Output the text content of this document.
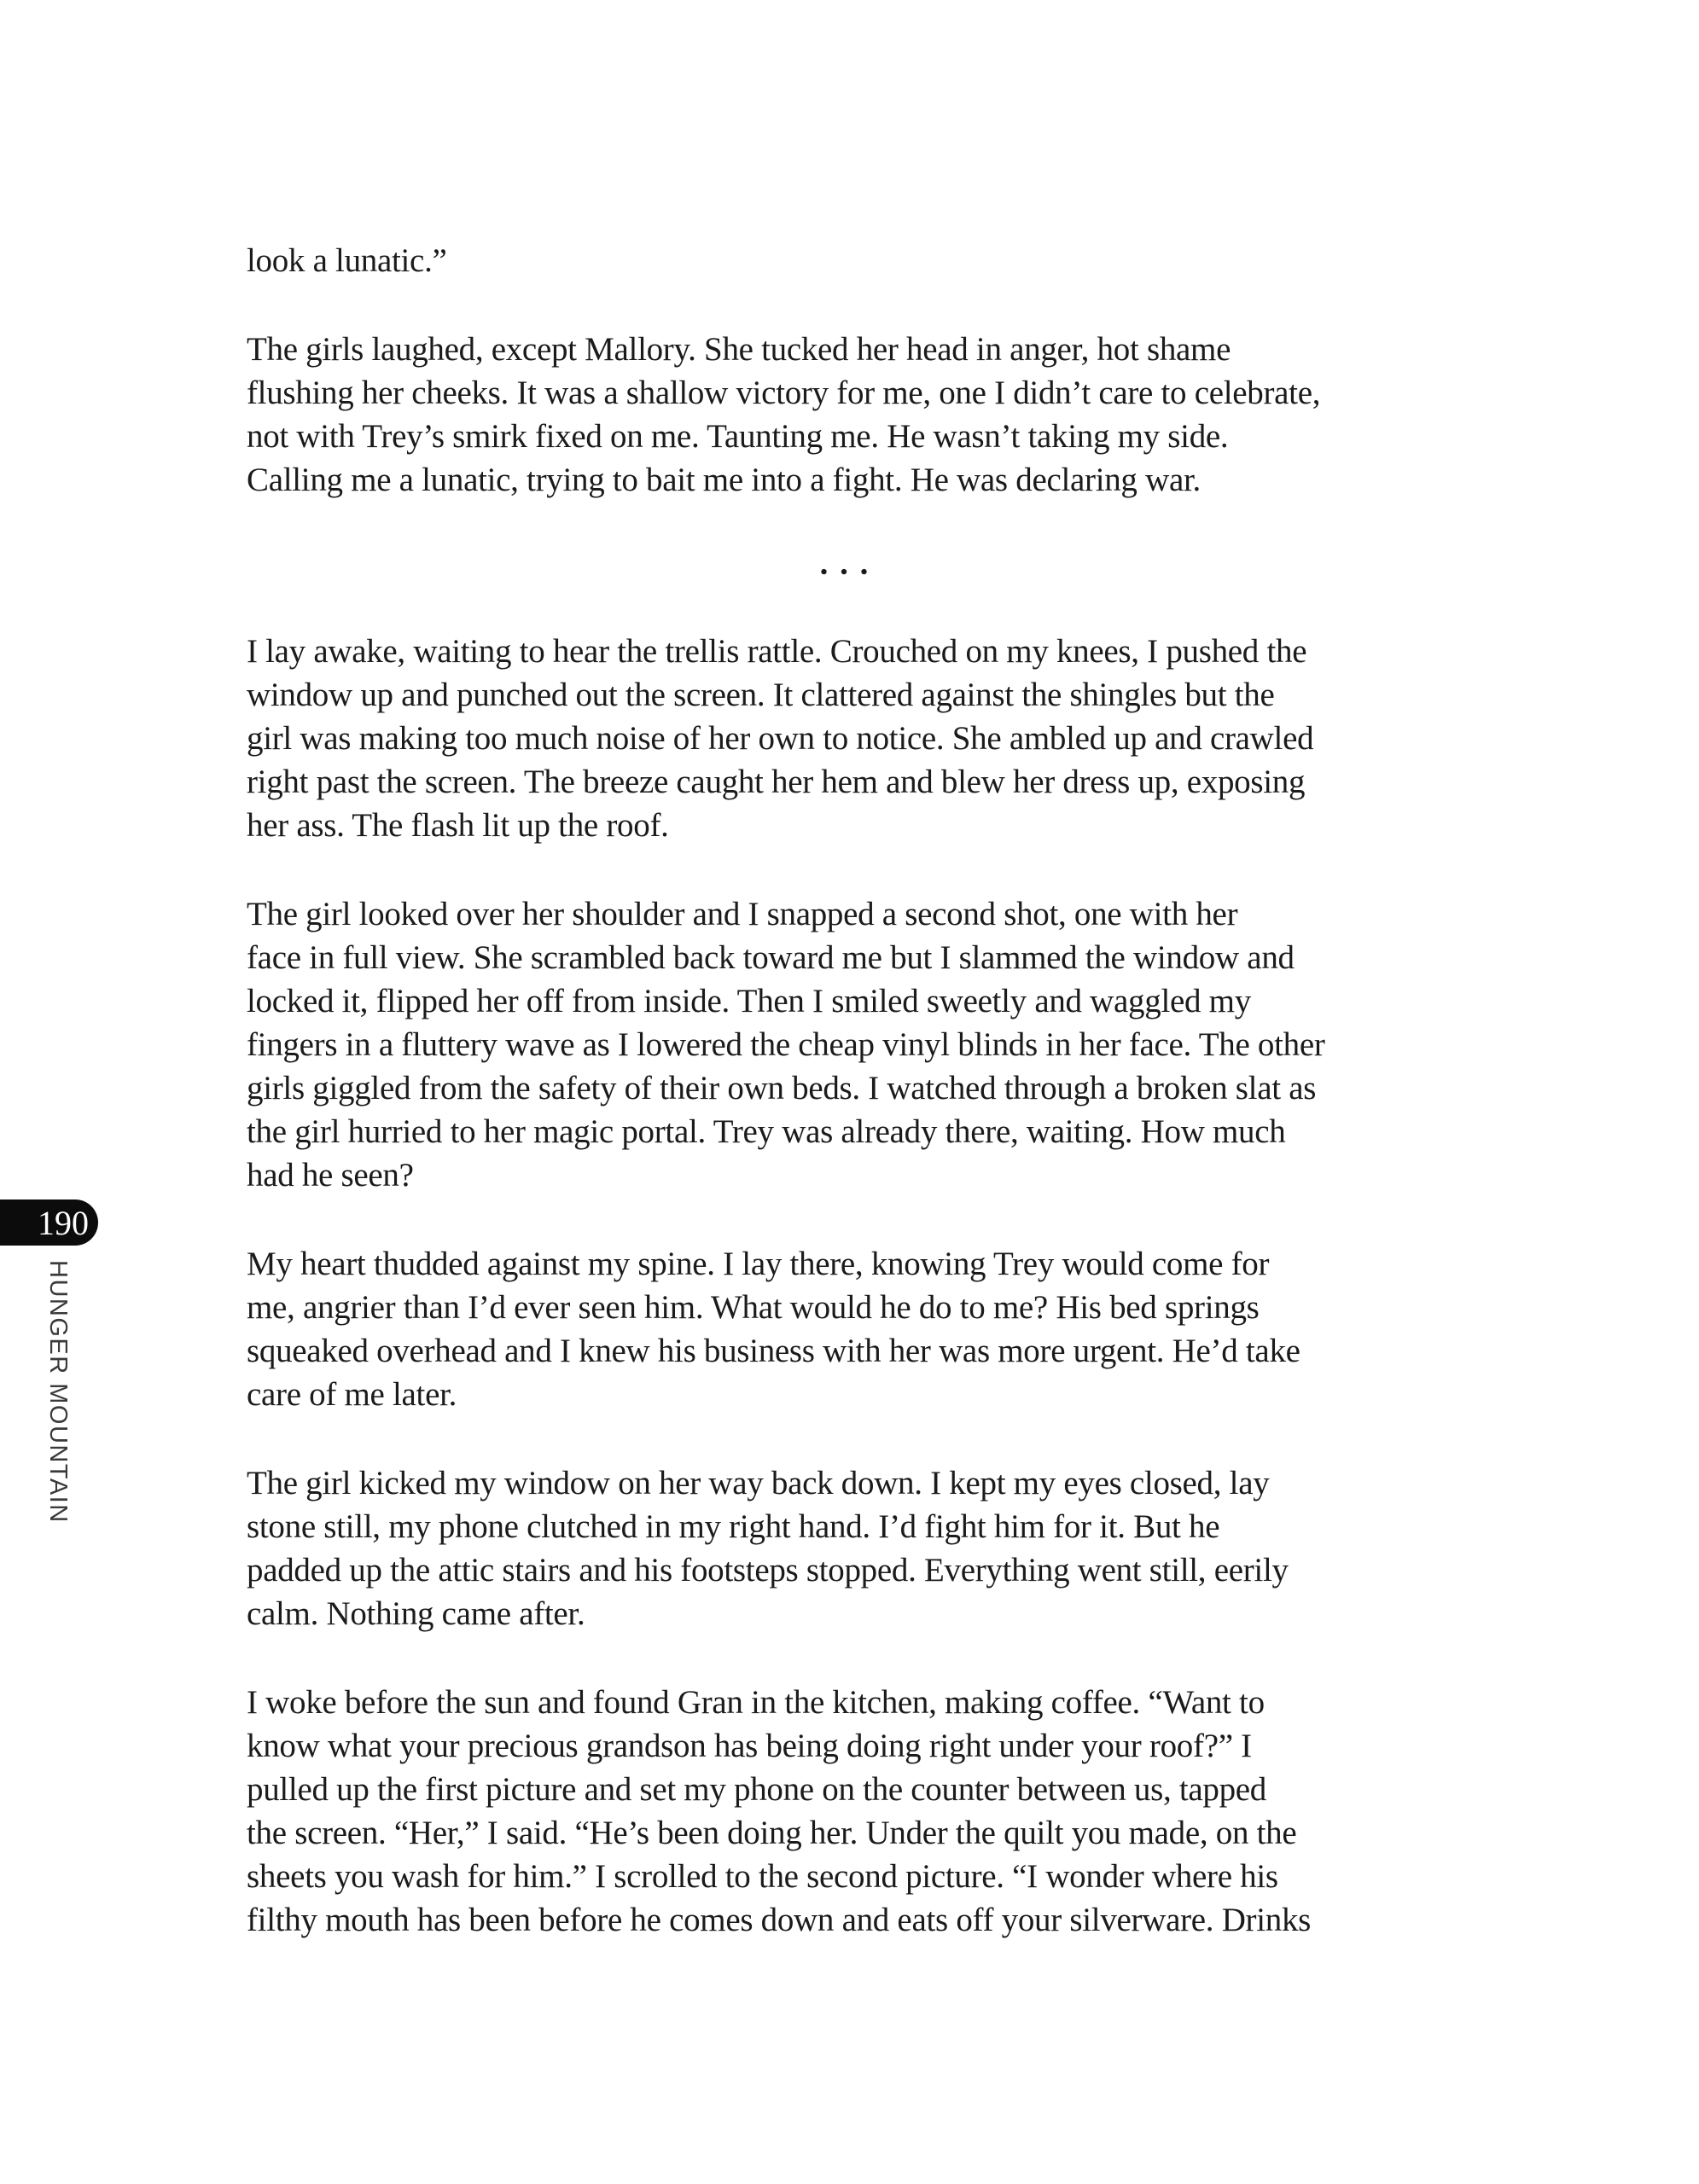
190
HUNGER MOUNTAIN

look a lunatic.”

The girls laughed, except Mallory. She tucked her head in anger, hot shame
flushing her cheeks. It was a shallow victory for me, one I didn’t care to celebrate,
not with Trey’s smirk fixed on me. Taunting me. He wasn’t taking my side.
Calling me a lunatic, trying to bait me into a fight. He was declaring war.

. . .

I lay awake, waiting to hear the trellis rattle. Crouched on my knees, I pushed the
window up and punched out the screen. It clattered against the shingles but the
girl was making too much noise of her own to notice. She ambled up and crawled
right past the screen. The breeze caught her hem and blew her dress up, exposing
her ass. The flash lit up the roof.

The girl looked over her shoulder and I snapped a second shot, one with her
face in full view. She scrambled back toward me but I slammed the window and
locked it, flipped her off from inside. Then I smiled sweetly and waggled my
fingers in a fluttery wave as I lowered the cheap vinyl blinds in her face. The other
girls giggled from the safety of their own beds. I watched through a broken slat as
the girl hurried to her magic portal. Trey was already there, waiting. How much
had he seen?

My heart thudded against my spine. I lay there, knowing Trey would come for
me, angrier than I’d ever seen him. What would he do to me? His bed springs
squeaked overhead and I knew his business with her was more urgent. He’d take
care of me later.

The girl kicked my window on her way back down. I kept my eyes closed, lay
stone still, my phone clutched in my right hand. I’d fight him for it. But he
padded up the attic stairs and his footsteps stopped. Everything went still, eerily
calm. Nothing came after.

I woke before the sun and found Gran in the kitchen, making coffee. “Want to
know what your precious grandson has being doing right under your roof?” I
pulled up the first picture and set my phone on the counter between us, tapped
the screen. “Her,” I said. “He’s been doing her. Under the quilt you made, on the
sheets you wash for him.” I scrolled to the second picture. “I wonder where his
filthy mouth has been before he comes down and eats off your silverware. Drinks
